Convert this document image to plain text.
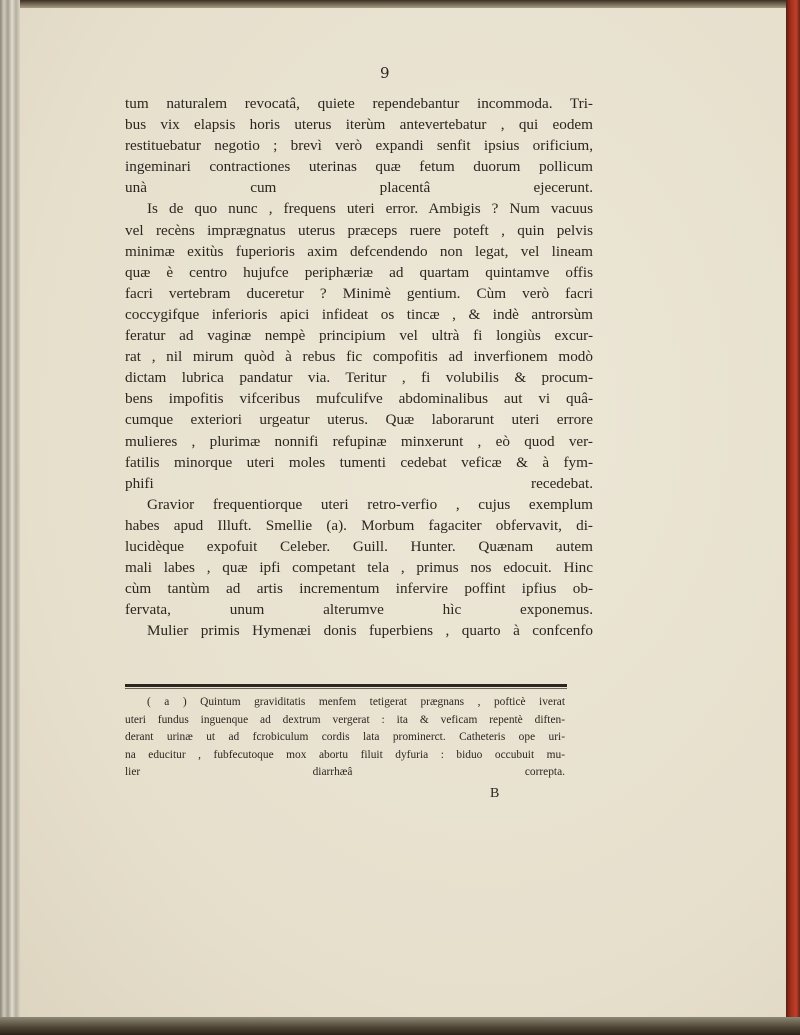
9
tum naturalem revocatâ, quiete rependebantur incommoda. Tri-
bus vix elapsis horis uterus iterùm antevertebatur , qui eodem
restituebatur negotio ; brevì verò expandi senfit ipsius orificium,
ingeminari contractiones uterinas quæ fetum duorum pollicum
unà cum placentâ ejecerunt.
Is de quo nunc , frequens uteri error. Ambigis ? Num vacuus
vel recèns imprægnatus uterus præceps ruere poteft , quin pelvis
minimæ exitùs fuperioris axim defcendendo non legat, vel lineam
quæ è centro hujufce periphæriæ ad quartam quintamve offis
facri vertebram duceretur ? Minimè gentium. Cùm verò facri
coccygifque inferioris apici infideat os tincæ , & indè antrorsùm
feratur ad vaginæ nempè principium vel ultrà fi longiùs excur-
rat , nil mirum quòd à rebus fic compofitis ad inverfionem modò
dictam lubrica pandatur via. Teritur , fi volubilis & procum-
bens impofitis vifceribus mufculifve abdominalibus aut vi quâ-
cumque exteriori urgeatur uterus. Quæ laborarunt uteri errore
mulieres , plurimæ nonnifi refupinæ minxerunt , eò quod ver-
fatilis minorque uteri moles tumenti cedebat veficæ & à fym-
phifi recedebat.
Gravior frequentiorque uteri retro-verfio , cujus exemplum
habes apud Illuft. Smellie (a). Morbum fagaciter obfervavit, di-
lucidèque expofuit Celeber. Guill. Hunter. Quænam autem
mali labes , quæ ipfi competant tela , primus nos edocuit. Hinc
cùm tantùm ad artis incrementum infervire poffint ipfius ob-
fervata, unum alterumve hìc exponemus.
Mulier primis Hymenæi donis fuperbiens , quarto à confcenfo
( a ) Quintum graviditatis menfem tetigerat prægnans , pofticè iverat
uteri fundus inguenque ad dextrum vergerat : ita & veficam repentè diften-
derant urinæ ut ad fcrobiculum cordis lata prominerct. Catheteris ope uri-
na educitur , fubfecutoque mox abortu filuit dyfuria : biduo occubuit mu-
lier diarrhæâ correpta.
B
